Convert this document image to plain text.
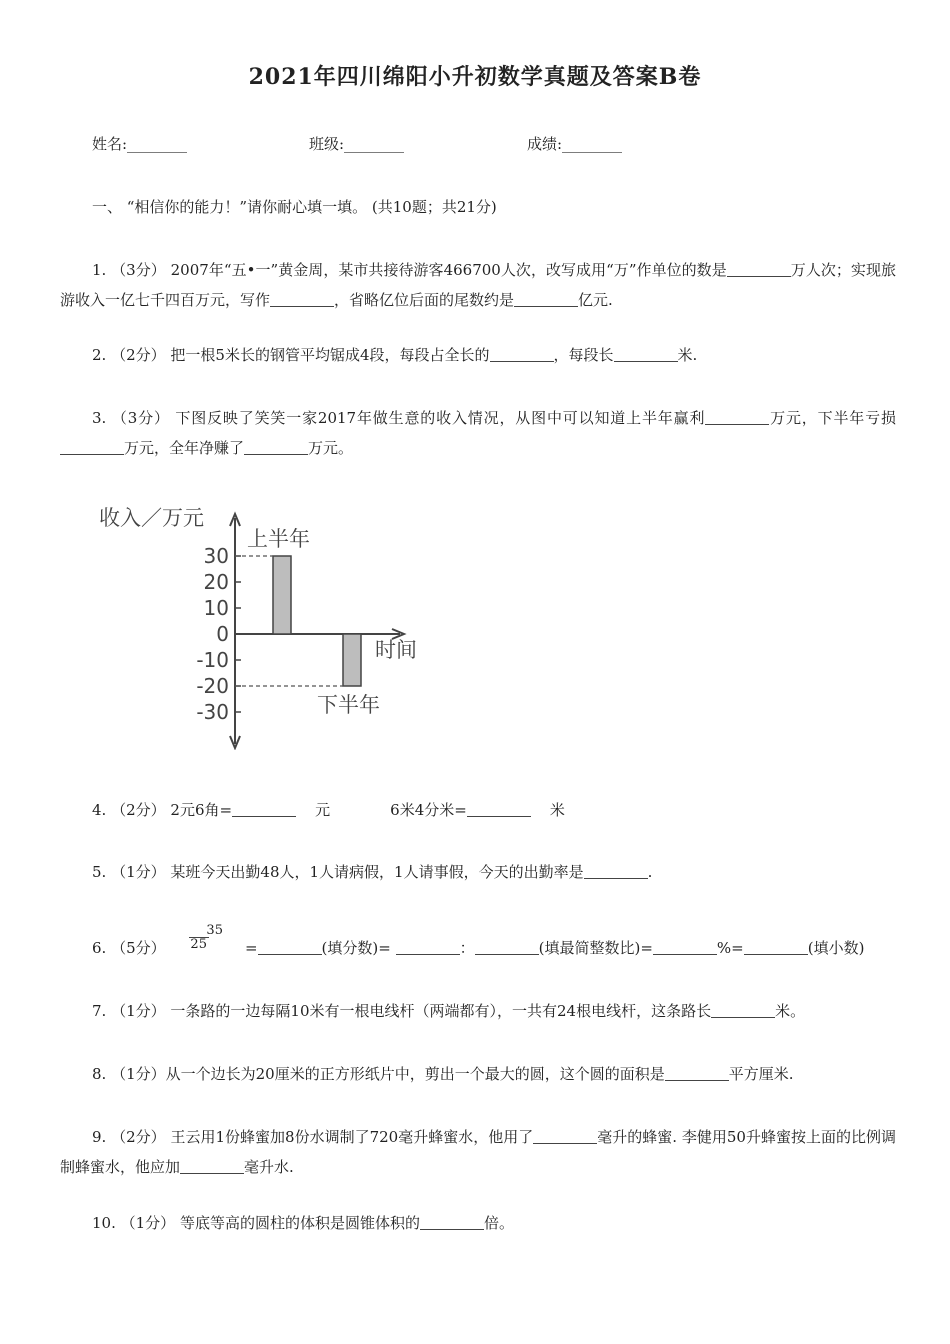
2021年四川绵阳小升初数学真题及答案B卷
姓名:________	班级:________	成绩:________
一、 “相信你的能力！”请你耐心填一填。 (共10题；共21分)
1. （3分） 2007年“五•一”黄金周，某市共接待游客466700人次，改写成用“万”作单位的数是	万人次；实现旅游收入一亿七千四百万元，写作	，省略亿位后面的尾数约是	亿元.
2. （2分） 把一根5米长的钢管平均锯成4段，每段占全长的	，每段长	米.
3. （3分） 下图反映了笑笑一家2017年做生意的收入情况，从图中可以知道上半年赢利	万元，下半年亏损万元，全年净赚了	万元。
收入／万元
30
20
10
0
-10
-20
-30
上半年
下半年
时间
4. （2分） 2元6角=	元	6米4分米=	米
5. （1分） 某班今天出勤48人，1人请病假，1人请事假，今天的出勤率是	.
6. （5分） 35
25	=	(填分数)=	：	(填最简整数比)=	%=	(填小数)
7. （1分） 一条路的一边每隔10米有一根电线杆（两端都有），一共有24根电线杆，这条路长	米。
8. （1分）从一个边长为20厘米的正方形纸片中，剪出一个最大的圆，这个圆的面积是	平方厘米.
9. （2分） 王云用1份蜂蜜加8份水调制了720毫升蜂蜜水，他用了	毫升的蜂蜜. 李健用50升蜂蜜按上面的比例调制蜂蜜水，他应加	毫升水.
10. （1分） 等底等高的圆柱的体积是圆锥体积的	倍。
